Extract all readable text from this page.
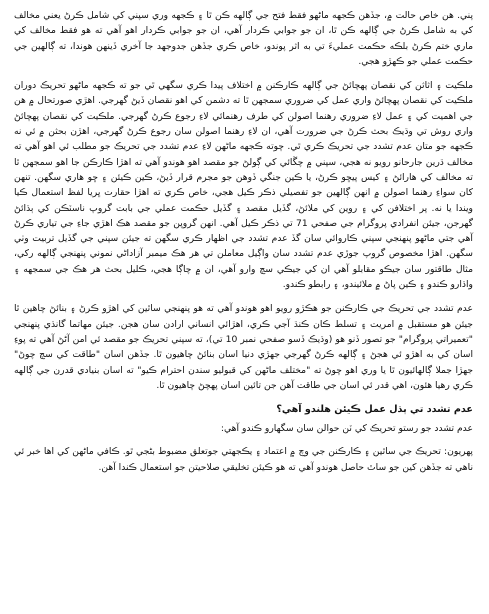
پني. هن خاص حالت ۾، جڏهن ڪجهه ماڻهو فقط فتح جي ڳالهه ڪن ٿا ۽ ڪجهه وري سپني کي شامل ڪرڻ يعني مخالف کي به شامل ڪرڻ جي ڳالهه ڪن ٿا، ان جو جوابي ڪردار آهي، ان جو جوابي ڪردار اهو آهي ته هو فقط مخالف کي ماري ختم ڪرڻ بلڪه حڪمت عمليءَ تي به اثر پوندو، خاص ڪري جڏهن جدوجهد جا آخري ڏينهن هوندا، ته ڳالهين جي حڪمت عملي جو ڪهڙو هجي.

ملڪيت ۽ اثاثن کي نقصان پهچائڻ جي ڳالهه ڪارڪنن ۾ اختلاف پيدا ڪري سگهي ٿي جو ته ڪجهه ماڻهو تحريڪ دوران ملڪيت کي نقصان پهچائڻ واري عمل کي ضروري سمجهن ٿا ته دشمن کي اهو نقصان ڏيڻ گهرجي. اهڙي صورتحال ۾ هن جي اهميت کي ۽ عمل لاءِ ضروري رهنما اصولن کي طرف رهنمائي لاءِ رجوع ڪرڻ گهرجي. ملڪيت کي نقصان پهچائڻ واري روش تي وڌيڪ بحث ڪرڻ جي ضرورت آهي، ان لاءِ رهنما اصولن سان رجوع ڪرڻ گهرجي، اهڙن بحثن ۾ ئي نه ڪجهه جو متان عدم تشدد جي تحريڪ ڪري ٿي. چوته ڪجهه ماڻهن لاءِ عدم تشدد جي تحريڪ جو مطلب ئي اهو آهي ته مخالف ڌرين جارحانو رويو نه هجي، سپني ۾ چڱائي کي ڳولڻ جو مقصد اهو هوندو آهي ته اهڙا ڪارڪن جا اهو سمجهن ٿا ته مخالف کي هارائڻ ۽ کيس پيڇو ڪرڻ، يا ڪين جنگي ڏوهن جو مجرم قرار ڏيڻ، ڪين ڪيئن ۽ ڇو هاري سگهن. تنهن کان سواءِ رهنما اصولن ۾ انهن ڳالهين جو تفصيلي ذڪر ڪيل هجي، خاص ڪري ته اهڙا حقارت ڀريا لفظ استعمال ڪيا ويندا يا نه. پر اختلافن کي ۽ روين کي ملائڻ، گڏيل مقصد ۽ گڏيل حڪمت عملي جي بابت گروپ ناسٽڪن کي ٻڌائڻ گهرجن، جيئن انفرادي پروگرام جي صفحي 71 تي ذڪر ڪيل آهي. انهن گروپن جو مقصد هڪ اهڙي جاءِ جي تياري ڪرڻ آهي جتي ماڻهو پنهنجي سپني ڪاروائي سان گڏ عدم تشدد جي اظهار ڪري سگهن ته جيئن سپني جي گڏيل تربيت وٺي سگهن. اهڙا مخصوص گروپ جوڙي عدم تشدد سان واڳيل معاملن تي هر هڪ ميمبر آزاداڻي نموني پنهنجي ڳالهه رکي، مثال طاقتور سان جيڪو مقابلو آهي ان کي جيڪي سچ وارو آهي، ان ۾ چاڳا هجي، ڪليل بحث هر هڪ جي سمجهه ۽ واڌارو ڪندو ۽ ڪين پاڻ ۾ ملائيندو، ۽ رابطو ڪندو.

عدم تشدد جي تحريڪ جي ڪارڪنن جو هڪڙو رويو اهو هوندو آهي ته هو پنهنجي ساٿين کي اهڙو ڪرڻ ۽ بنائڻ چاهين ٿا جيئن هو مستقبل ۾ امريت ۽ تسلط ڪان ڪنڌ آجي ڪري، اهڙائي انساني ارادن سان هجن. جيئن مهاتما گانڌي پنهنجي "تعميراتي پروگرام" جو تصور ڏنو هو (وڌيڪ ڏسو صفحي نمبر 10 تي)، ته سپني تحريڪ جو مقصد ئي امن آڻڻ آهي ته پوءِ اسان کي به اهڙو ئي هجڻ ۽ ڳالهه ڪرڻ گهرجي جهڙي دنيا اسان بنائڻ چاهيون ٿا. جڏهن اسان "طاقت کي سچ چوڻ" جهڙا جملا ڳالهائيون ٿا يا وري اهو چوڻ ته "مختلف ماڻهن کي قبوليو سندن احترام ڪيو" ته اسان بنيادي قدرن جي ڳالهه ڪري رهيا هئون، اهي قدر ئي اسان جي طاقت آهن جن تائين اسان پهچڻ چاهيون ٿا.

عدم تشدد تي ٻڌل عمل ڪيئن هلندو آهي؟

عدم تشدد جو رستو تحريڪ کي ٽن حوالن سان سگهارو ڪندو آهي:

پهريون: تحريڪ جي ساٿين ۽ ڪارڪنن جي وچ ۾ اعتماد ۽ يڪجهتي جوتعلق مضبوط بڻجي ٿو. ڪافي ماڻهن کي اها خبر ئي ناهي ته جڏهن کين جو ساٿ حاصل هوندو آهي ته هو ڪيئن تخليقي صلاحيتن جو استعمال ڪندا آهن.
